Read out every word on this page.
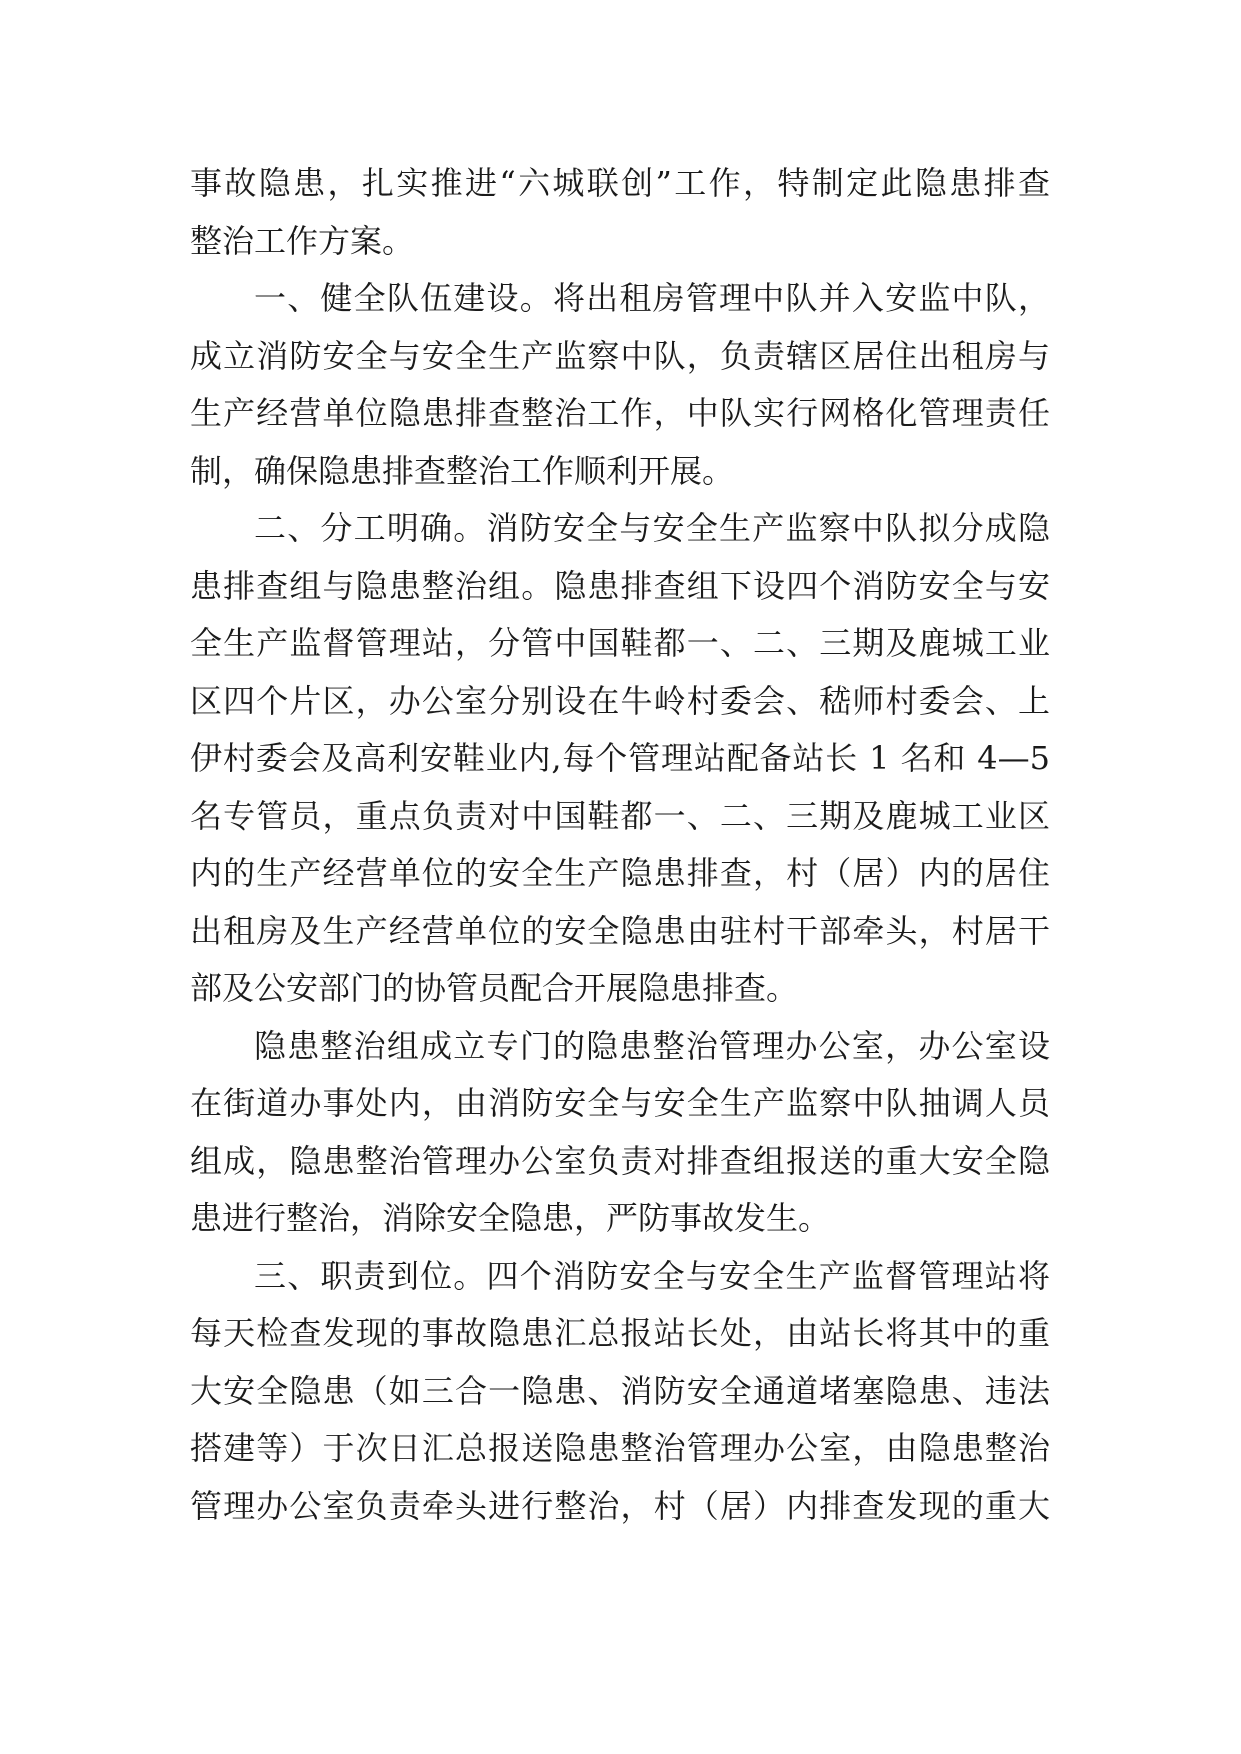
事故隐患，扎实推进“六城联创”工作，特制定此隐患排查
整治工作方案。
一、健全队伍建设。将出租房管理中队并入安监中队，
成立消防安全与安全生产监察中队，负责辖区居住出租房与
生产经营单位隐患排查整治工作，中队实行网格化管理责任
制，确保隐患排查整治工作顺利开展。
二、分工明确。消防安全与安全生产监察中队拟分成隐
患排查组与隐患整治组。隐患排查组下设四个消防安全与安
全生产监督管理站，分管中国鞋都一、二、三期及鹿城工业
区四个片区，办公室分别设在牛岭村委会、嵇师村委会、上
伊村委会及高利安鞋业内,每个管理站配备站长 1 名和 4—5
名专管员，重点负责对中国鞋都一、二、三期及鹿城工业区
内的生产经营单位的安全生产隐患排查，村（居）内的居住
出租房及生产经营单位的安全隐患由驻村干部牵头，村居干
部及公安部门的协管员配合开展隐患排查。
隐患整治组成立专门的隐患整治管理办公室，办公室设
在街道办事处内，由消防安全与安全生产监察中队抽调人员
组成，隐患整治管理办公室负责对排查组报送的重大安全隐
患进行整治，消除安全隐患，严防事故发生。
三、职责到位。四个消防安全与安全生产监督管理站将
每天检查发现的事故隐患汇总报站长处，由站长将其中的重
大安全隐患（如三合一隐患、消防安全通道堵塞隐患、违法
搭建等）于次日汇总报送隐患整治管理办公室，由隐患整治
管理办公室负责牵头进行整治，村（居）内排查发现的重大
